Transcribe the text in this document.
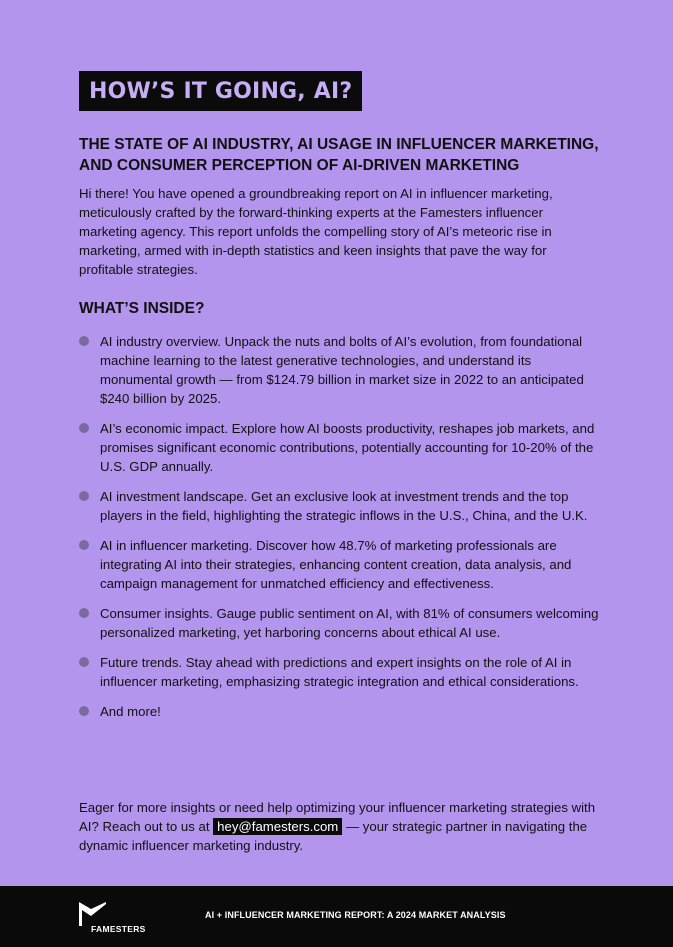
HOW’S IT GOING, AI?
THE STATE OF AI INDUSTRY, AI USAGE IN INFLUENCER MARKETING,
AND CONSUMER PERCEPTION OF AI-DRIVEN MARKETING

Hi there! You have opened a groundbreaking report on AI in influencer marketing, meticulously crafted by the forward-thinking experts at the Famesters influencer marketing agency. This report unfolds the compelling story of AI’s meteoric rise in marketing, armed with in-depth statistics and keen insights that pave the way for profitable strategies.

WHAT’S INSIDE?
AI industry overview. Unpack the nuts and bolts of AI’s evolution, from foundational machine learning to the latest generative technologies, and understand its monumental growth — from $124.79 billion in market size in 2022 to an anticipated $240 billion by 2025.
AI’s economic impact. Explore how AI boosts productivity, reshapes job markets, and promises significant economic contributions, potentially accounting for 10-20% of the U.S. GDP annually.
AI investment landscape. Get an exclusive look at investment trends and the top players in the field, highlighting the strategic inflows in the U.S., China, and the U.K.
AI in influencer marketing. Discover how 48.7% of marketing professionals are integrating AI into their strategies, enhancing content creation, data analysis, and campaign management for unmatched efficiency and effectiveness.
Consumer insights. Gauge public sentiment on AI, with 81% of consumers welcoming personalized marketing, yet harboring concerns about ethical AI use.
Future trends. Stay ahead with predictions and expert insights on the role of AI in influencer marketing, emphasizing strategic integration and ethical considerations.
And more!

Eager for more insights or need help optimizing your influencer marketing strategies with AI? Reach out to us at hey@famesters.com — your strategic partner in navigating the dynamic influencer marketing industry.

FAMESTERS
AI + INFLUENCER MARKETING REPORT: A 2024 MARKET ANALYSIS
